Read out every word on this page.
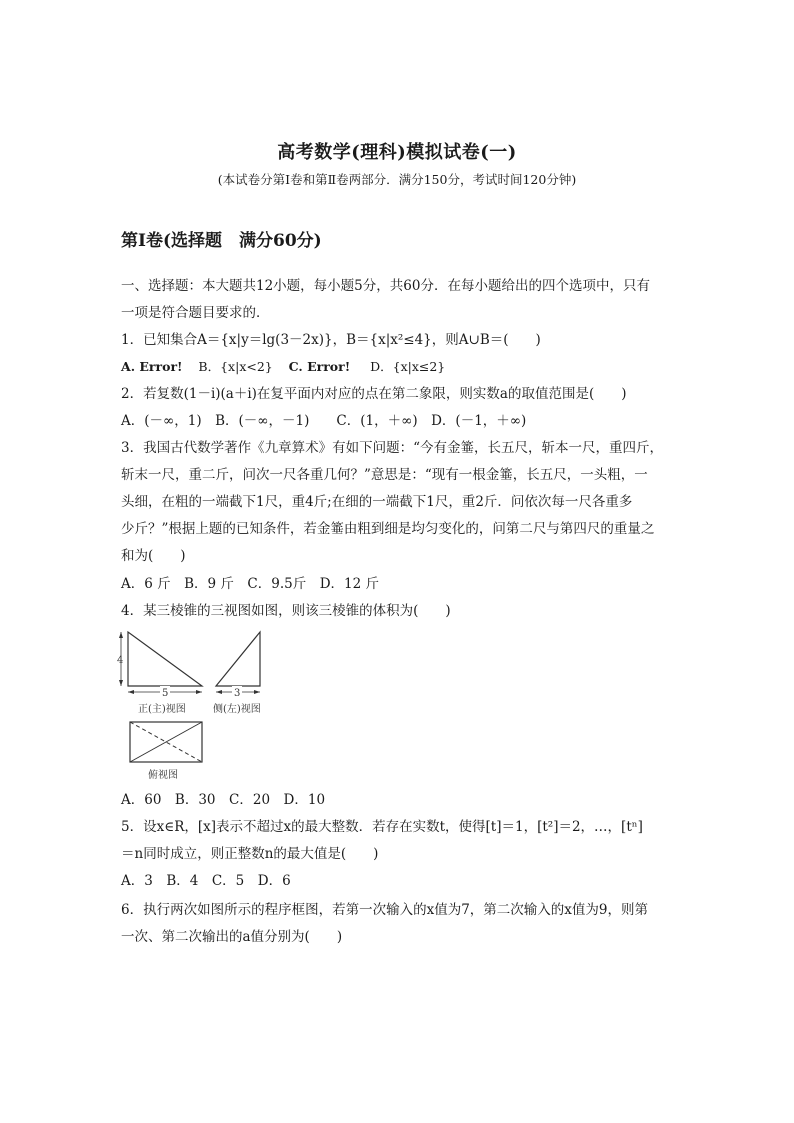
高考数学(理科)模拟试卷(一)
(本试卷分第Ⅰ卷和第Ⅱ卷两部分．满分150分，考试时间120分钟)
第Ⅰ卷(选择题　满分60分)
一、选择题：本大题共12小题，每小题5分，共60分．在每小题给出的四个选项中，只有
一项是符合题目要求的．
1．已知集合A＝{x|y＝lg(3－2x)}，B＝{x|x²≤4}，则A∪B＝(　　)
A. Error! B．{x|x<2} C. Error! D．{x|x≤2}
2．若复数(1－i)(a＋i)在复平面内对应的点在第二象限，则实数a的取值范围是(　　)
A．(－∞，1)　B．(－∞，－1)　　C．(1，＋∞)　D．(－1，＋∞)
3．我国古代数学著作《九章算术》有如下问题：“今有金箠，长五尺，斩本一尺，重四斤，
斩末一尺，重二斤，问次一尺各重几何？”意思是：“现有一根金箠，长五尺，一头粗，一
头细，在粗的一端截下1尺，重4斤;在细的一端截下1尺，重2斤．问依次每一尺各重多
少斤？”根据上题的已知条件，若金箠由粗到细是均匀变化的，问第二尺与第四尺的重量之
和为(　　)
A．6 斤　B．9 斤　C．9.5斤　D．12 斤
4．某三棱锥的三视图如图，则该三棱锥的体积为(　　)
4
5
正(主)视图
3
侧(左)视图
俯视图
A．60　B．30　C．20　D．10
5．设x∈R，[x]表示不超过x的最大整数．若存在实数t，使得[t]＝1，[t²]＝2，…，[tⁿ]
＝n同时成立，则正整数n的最大值是(　　)
A．3　B．4　C．5　D．6
6．执行两次如图所示的程序框图，若第一次输入的x值为7，第二次输入的x值为9，则第
一次、第二次输出的a值分别为(　　)
